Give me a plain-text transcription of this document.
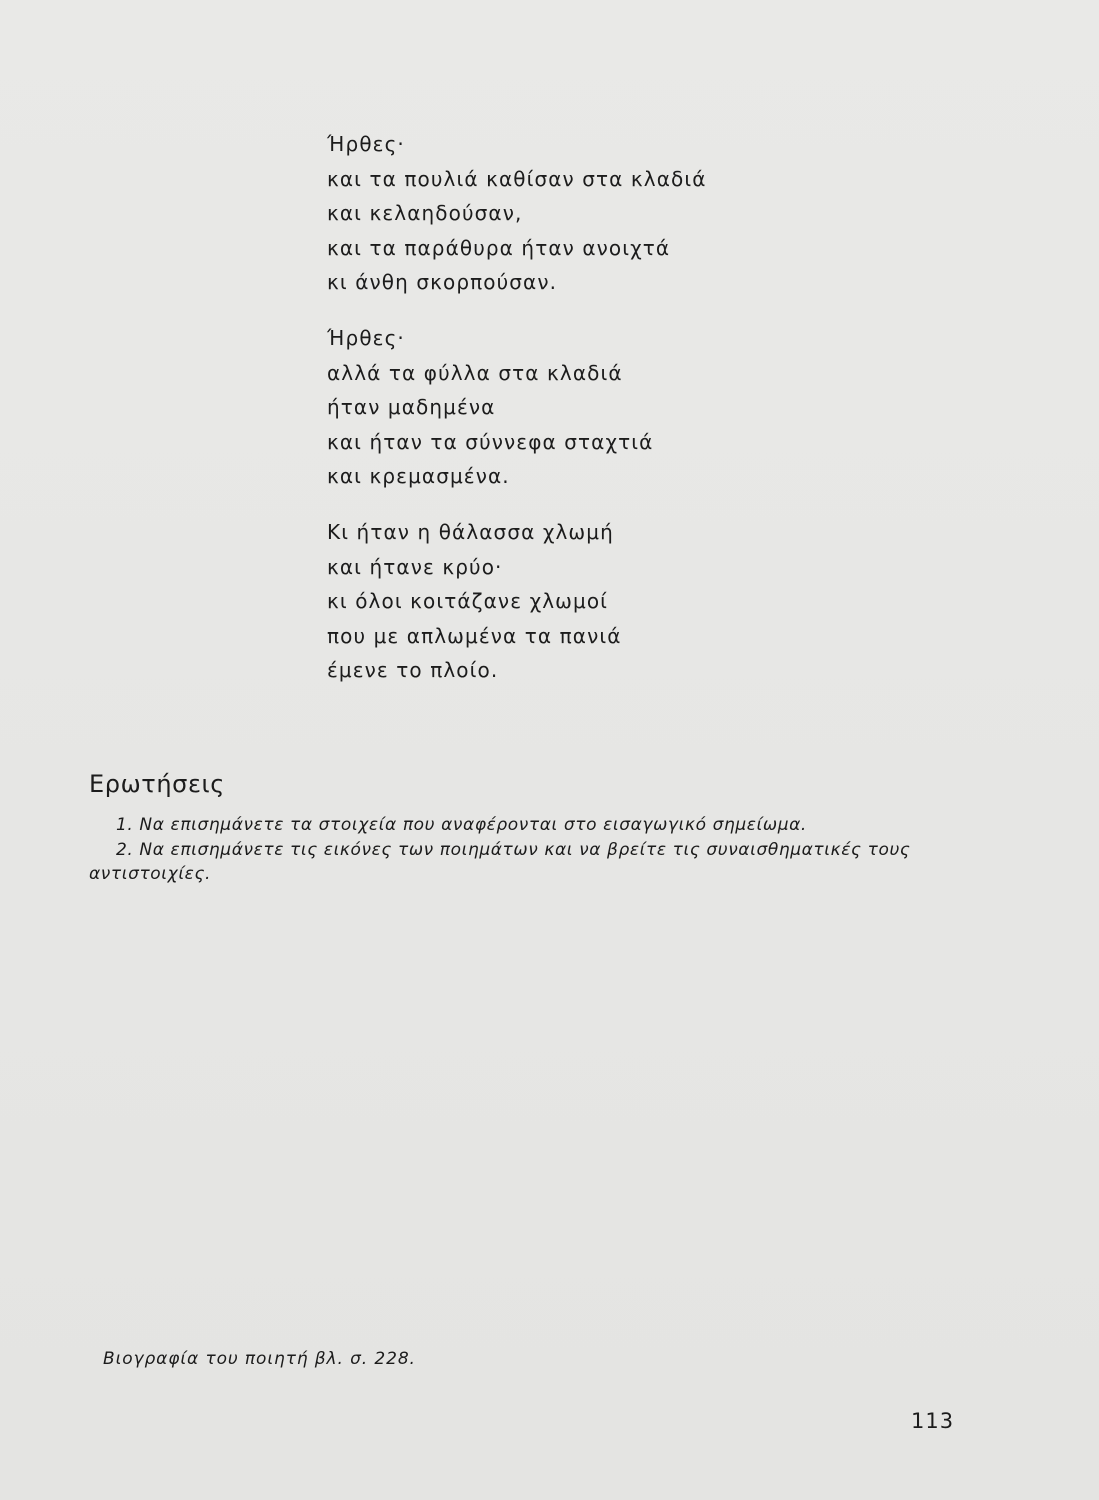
Ήρθες·
και τα πουλιά καθίσαν στα κλαδιά
και κελαηδούσαν,
και τα παράθυρα ήταν ανοιχτά
κι άνθη σκορπούσαν.
Ήρθες·
αλλά τα φύλλα στα κλαδιά
ήταν μαδημένα
και ήταν τα σύννεφα σταχτιά
και κρεμασμένα.
Κι ήταν η θάλασσα χλωμή
και ήτανε κρύο·
κι όλοι κοιτάζανε χλωμοί
που με απλωμένα τα πανιά
έμενε το πλοίο.
Ερωτήσεις
1. Να επισημάνετε τα στοιχεία που αναφέρονται στο εισαγωγικό σημείωμα.
2. Να επισημάνετε τις εικόνες των ποιημάτων και να βρείτε τις συναισθηματικές τους αντιστοιχίες.
Βιογραφία του ποιητή βλ. σ. 228.
113
